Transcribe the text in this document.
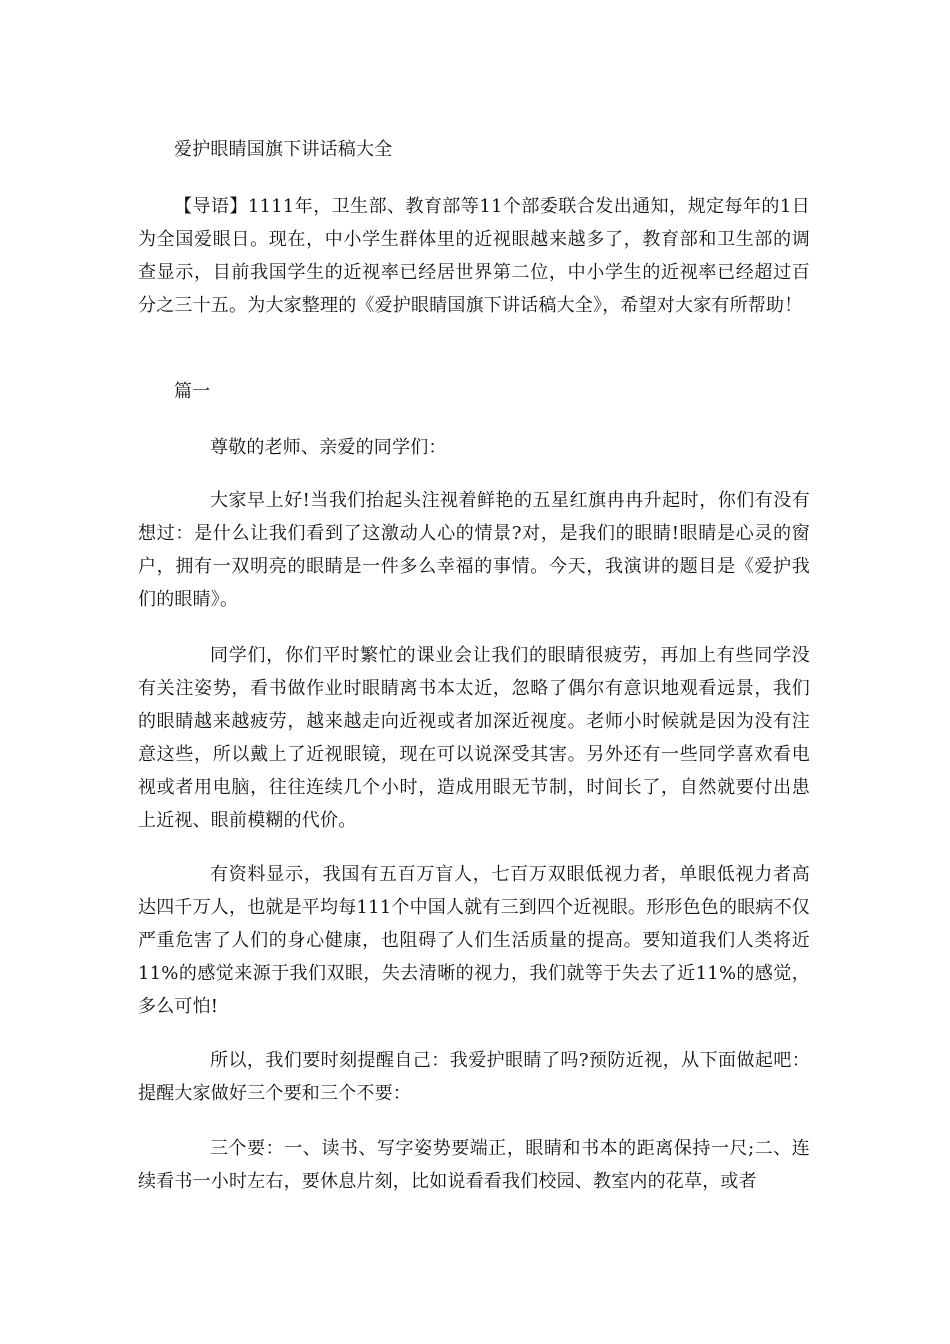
爱护眼睛国旗下讲话稿大全
【导语】1111年，卫生部、教育部等11个部委联合发出通知，规定每年的1日为全国爱眼日。现在，中小学生群体里的近视眼越来越多了，教育部和卫生部的调查显示，目前我国学生的近视率已经居世界第二位，中小学生的近视率已经超过百分之三十五。为大家整理的《爱护眼睛国旗下讲话稿大全》，希望对大家有所帮助！
篇一
尊敬的老师、亲爱的同学们：
大家早上好!当我们抬起头注视着鲜艳的五星红旗冉冉升起时，你们有没有想过：是什么让我们看到了这激动人心的情景?对，是我们的眼睛!眼睛是心灵的窗户，拥有一双明亮的眼睛是一件多么幸福的事情。今天，我演讲的题目是《爱护我们的眼睛》。
同学们，你们平时繁忙的课业会让我们的眼睛很疲劳，再加上有些同学没有关注姿势，看书做作业时眼睛离书本太近，忽略了偶尔有意识地观看远景，我们的眼睛越来越疲劳，越来越走向近视或者加深近视度。老师小时候就是因为没有注意这些，所以戴上了近视眼镜，现在可以说深受其害。另外还有一些同学喜欢看电视或者用电脑，往往连续几个小时，造成用眼无节制，时间长了，自然就要付出患上近视、眼前模糊的代价。
有资料显示，我国有五百万盲人，七百万双眼低视力者，单眼低视力者高达四千万人，也就是平均每111个中国人就有三到四个近视眼。形形色色的眼病不仅严重危害了人们的身心健康，也阻碍了人们生活质量的提高。要知道我们人类将近11%的感觉来源于我们双眼，失去清晰的视力，我们就等于失去了近11%的感觉，多么可怕!
所以，我们要时刻提醒自己：我爱护眼睛了吗?预防近视，从下面做起吧：提醒大家做好三个要和三个不要：
三个要：一、读书、写字姿势要端正，眼睛和书本的距离保持一尺;二、连续看书一小时左右，要休息片刻，比如说看看我们校园、教室内的花草，或者
